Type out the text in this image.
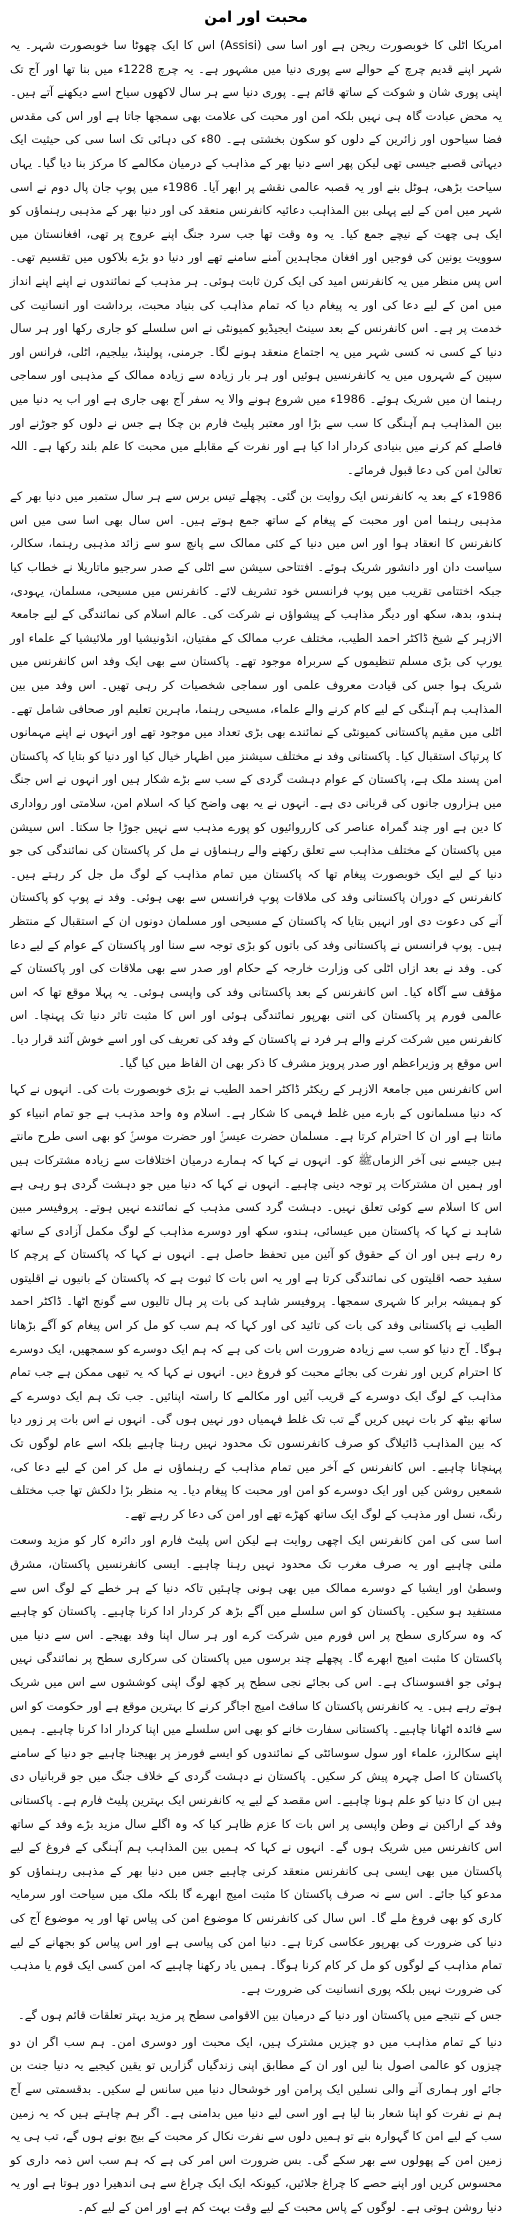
محبت اور امن

امریکا اٹلی کا خوبصورت ریجن ہے اور اسا سی (Assisi) اس کا ایک چھوٹا سا خوبصورت شہر۔ یہ شہر اپنے قدیم چرچ کے حوالے سے پوری دنیا میں مشہور ہے۔ یہ چرچ 1228ء میں بنا تھا اور آج تک اپنی پوری شان و شوکت کے ساتھ قائم ہے۔ پوری دنیا سے ہر سال لاکھوں سیاح اسے دیکھنے آتے ہیں۔ یہ محض عبادت گاہ ہی نہیں بلکہ امن اور محبت کی علامت بھی سمجھا جاتا ہے اور اس کی مقدس فضا سیاحوں اور زائرین کے دلوں کو سکون بخشتی ہے۔ 80ء کی دہائی تک اسا سی کی حیثیت ایک دیہاتی قصبے جیسی تھی لیکن پھر اسے دنیا بھر کے مذاہب کے درمیان مکالمے کا مرکز بنا دیا گیا۔ یہاں سیاحت بڑھی، ہوٹل بنے اور یہ قصبہ عالمی نقشے پر ابھر آیا۔ 1986ء میں پوپ جان پال دوم نے اسی شہر میں امن کے لیے پہلی بین المذاہب دعائیہ کانفرنس منعقد کی اور دنیا بھر کے مذہبی رہنماؤں کو ایک ہی چھت کے نیچے جمع کیا۔ یہ وہ وقت تھا جب سرد جنگ اپنے عروج پر تھی، افغانستان میں سوویت یونین کی فوجیں اور افغان مجاہدین آمنے سامنے تھے اور دنیا دو بڑے بلاکوں میں تقسیم تھی۔ اس پس منظر میں یہ کانفرنس امید کی ایک کرن ثابت ہوئی۔ ہر مذہب کے نمائندوں نے اپنے اپنے انداز میں امن کے لیے دعا کی اور یہ پیغام دیا کہ تمام مذاہب کی بنیاد محبت، برداشت اور انسانیت کی خدمت پر ہے۔ اس کانفرنس کے بعد سینٹ ایجیڈیو کمیونٹی نے اس سلسلے کو جاری رکھا اور ہر سال دنیا کے کسی نہ کسی شہر میں یہ اجتماع منعقد ہونے لگا۔ جرمنی، پولینڈ، بیلجیم، اٹلی، فرانس اور سپین کے شہروں میں یہ کانفرنسیں ہوئیں اور ہر بار زیادہ سے زیادہ ممالک کے مذہبی اور سماجی رہنما ان میں شریک ہوئے۔ 1986ء میں شروع ہونے والا یہ سفر آج بھی جاری ہے اور اب یہ دنیا میں بین المذاہب ہم آہنگی کا سب سے بڑا اور معتبر پلیٹ فارم بن چکا ہے جس نے دلوں کو جوڑنے اور فاصلے کم کرنے میں بنیادی کردار ادا کیا ہے اور نفرت کے مقابلے میں محبت کا علم بلند رکھا ہے۔ اللہ تعالیٰ امن کی دعا قبول فرمائے۔

1986ء کے بعد یہ کانفرنس ایک روایت بن گئی۔ پچھلے تیس برس سے ہر سال ستمبر میں دنیا بھر کے مذہبی رہنما امن اور محبت کے پیغام کے ساتھ جمع ہوتے ہیں۔ اس سال بھی اسا سی میں اس کانفرنس کا انعقاد ہوا اور اس میں دنیا کے کئی ممالک سے پانچ سو سے زائد مذہبی رہنما، سکالر، سیاست دان اور دانشور شریک ہوئے۔ افتتاحی سیشن سے اٹلی کے صدر سرجیو ماتاریلا نے خطاب کیا جبکہ اختتامی تقریب میں پوپ فرانسس خود تشریف لائے۔ کانفرنس میں مسیحی، مسلمان، یہودی، ہندو، بدھ، سکھ اور دیگر مذاہب کے پیشواؤں نے شرکت کی۔ عالم اسلام کی نمائندگی کے لیے جامعۃ الازہر کے شیخ ڈاکٹر احمد الطیب، مختلف عرب ممالک کے مفتیان، انڈونیشیا اور ملائیشیا کے علماء اور یورپ کی بڑی مسلم تنظیموں کے سربراہ موجود تھے۔ پاکستان سے بھی ایک وفد اس کانفرنس میں شریک ہوا جس کی قیادت معروف علمی اور سماجی شخصیات کر رہی تھیں۔ اس وفد میں بین المذاہب ہم آہنگی کے لیے کام کرنے والے علماء، مسیحی رہنما، ماہرین تعلیم اور صحافی شامل تھے۔ اٹلی میں مقیم پاکستانی کمیونٹی کے نمائندے بھی بڑی تعداد میں موجود تھے اور انہوں نے اپنے مہمانوں کا پرتپاک استقبال کیا۔ پاکستانی وفد نے مختلف سیشنز میں اظہار خیال کیا اور دنیا کو بتایا کہ پاکستان امن پسند ملک ہے، پاکستان کے عوام دہشت گردی کے سب سے بڑے شکار ہیں اور انہوں نے اس جنگ میں ہزاروں جانوں کی قربانی دی ہے۔ انہوں نے یہ بھی واضح کیا کہ اسلام امن، سلامتی اور رواداری کا دین ہے اور چند گمراہ عناصر کی کارروائیوں کو پورے مذہب سے نہیں جوڑا جا سکتا۔ اس سیشن میں پاکستان کے مختلف مذاہب سے تعلق رکھنے والے رہنماؤں نے مل کر پاکستان کی نمائندگی کی جو دنیا کے لیے ایک خوبصورت پیغام تھا کہ پاکستان میں تمام مذاہب کے لوگ مل جل کر رہتے ہیں۔ کانفرنس کے دوران پاکستانی وفد کی ملاقات پوپ فرانسس سے بھی ہوئی۔ وفد نے پوپ کو پاکستان آنے کی دعوت دی اور انہیں بتایا کہ پاکستان کے مسیحی اور مسلمان دونوں ان کے استقبال کے منتظر ہیں۔ پوپ فرانسس نے پاکستانی وفد کی باتوں کو بڑی توجہ سے سنا اور پاکستان کے عوام کے لیے دعا کی۔ وفد نے بعد ازاں اٹلی کی وزارت خارجہ کے حکام اور صدر سے بھی ملاقات کی اور پاکستان کے مؤقف سے آگاہ کیا۔ اس کانفرنس کے بعد پاکستانی وفد کی واپسی ہوئی۔ یہ پہلا موقع تھا کہ اس عالمی فورم پر پاکستان کی اتنی بھرپور نمائندگی ہوئی اور اس کا مثبت تاثر دنیا تک پہنچا۔ اس کانفرنس میں شرکت کرنے والے ہر فرد نے پاکستان کے وفد کی تعریف کی اور اسے خوش آئند قرار دیا۔ اس موقع پر وزیراعظم اور صدر پرویز مشرف کا ذکر بھی ان الفاظ میں کیا گیا۔

اس کانفرنس میں جامعۃ الازہر کے ریکٹر ڈاکٹر احمد الطیب نے بڑی خوبصورت بات کی۔ انہوں نے کہا کہ دنیا مسلمانوں کے بارے میں غلط فہمی کا شکار ہے۔ اسلام وہ واحد مذہب ہے جو تمام انبیاء کو مانتا ہے اور ان کا احترام کرتا ہے۔ مسلمان حضرت عیسیٰؑ اور حضرت موسیٰؑ کو بھی اسی طرح مانتے ہیں جیسے نبی آخر الزماںﷺ کو۔ انہوں نے کہا کہ ہمارے درمیان اختلافات سے زیادہ مشترکات ہیں اور ہمیں ان مشترکات پر توجہ دینی چاہیے۔ انہوں نے کہا کہ دنیا میں جو دہشت گردی ہو رہی ہے اس کا اسلام سے کوئی تعلق نہیں۔ دہشت گرد کسی مذہب کے نمائندے نہیں ہوتے۔ پروفیسر مبین شاہد نے کہا کہ پاکستان میں عیسائی، ہندو، سکھ اور دوسرے مذاہب کے لوگ مکمل آزادی کے ساتھ رہ رہے ہیں اور ان کے حقوق کو آئین میں تحفظ حاصل ہے۔ انہوں نے کہا کہ پاکستان کے پرچم کا سفید حصہ اقلیتوں کی نمائندگی کرتا ہے اور یہ اس بات کا ثبوت ہے کہ پاکستان کے بانیوں نے اقلیتوں کو ہمیشہ برابر کا شہری سمجھا۔ پروفیسر شاہد کی بات پر ہال تالیوں سے گونج اٹھا۔ ڈاکٹر احمد الطیب نے پاکستانی وفد کی بات کی تائید کی اور کہا کہ ہم سب کو مل کر اس پیغام کو آگے بڑھانا ہوگا۔ آج دنیا کو سب سے زیادہ ضرورت اس بات کی ہے کہ ہم ایک دوسرے کو سمجھیں، ایک دوسرے کا احترام کریں اور نفرت کی بجائے محبت کو فروغ دیں۔ انہوں نے کہا کہ یہ تبھی ممکن ہے جب تمام مذاہب کے لوگ ایک دوسرے کے قریب آئیں اور مکالمے کا راستہ اپنائیں۔ جب تک ہم ایک دوسرے کے ساتھ بیٹھ کر بات نہیں کریں گے تب تک غلط فہمیاں دور نہیں ہوں گی۔ انہوں نے اس بات پر زور دیا کہ بین المذاہب ڈائیلاگ کو صرف کانفرنسوں تک محدود نہیں رہنا چاہیے بلکہ اسے عام لوگوں تک پہنچانا چاہیے۔ اس کانفرنس کے آخر میں تمام مذاہب کے رہنماؤں نے مل کر امن کے لیے دعا کی، شمعیں روشن کیں اور ایک دوسرے کو امن اور محبت کا پیغام دیا۔ یہ منظر بڑا دلکش تھا جب مختلف رنگ، نسل اور مذہب کے لوگ ایک ساتھ کھڑے تھے اور امن کی دعا کر رہے تھے۔

اسا سی کی امن کانفرنس ایک اچھی روایت ہے لیکن اس پلیٹ فارم اور دائرہ کار کو مزید وسعت ملنی چاہیے اور یہ صرف مغرب تک محدود نہیں رہنا چاہیے۔ ایسی کانفرنسیں پاکستان، مشرق وسطیٰ اور ایشیا کے دوسرے ممالک میں بھی ہونی چاہئیں تاکہ دنیا کے ہر خطے کے لوگ اس سے مستفید ہو سکیں۔ پاکستان کو اس سلسلے میں آگے بڑھ کر کردار ادا کرنا چاہیے۔ پاکستان کو چاہیے کہ وہ سرکاری سطح پر اس فورم میں شرکت کرے اور ہر سال اپنا وفد بھیجے۔ اس سے دنیا میں پاکستان کا مثبت امیج ابھرے گا۔ پچھلے چند برسوں میں پاکستان کی سرکاری سطح پر نمائندگی نہیں ہوئی جو افسوسناک ہے۔ اس کی بجائے نجی سطح پر کچھ لوگ اپنی کوششوں سے اس میں شریک ہوتے رہے ہیں۔ یہ کانفرنس پاکستان کا سافٹ امیج اجاگر کرنے کا بہترین موقع ہے اور حکومت کو اس سے فائدہ اٹھانا چاہیے۔ پاکستانی سفارت خانے کو بھی اس سلسلے میں اپنا کردار ادا کرنا چاہیے۔ ہمیں اپنے سکالرز، علماء اور سول سوسائٹی کے نمائندوں کو ایسے فورمز پر بھیجنا چاہیے جو دنیا کے سامنے پاکستان کا اصل چہرہ پیش کر سکیں۔ پاکستان نے دہشت گردی کے خلاف جنگ میں جو قربانیاں دی ہیں ان کا دنیا کو علم ہونا چاہیے۔ اس مقصد کے لیے یہ کانفرنس ایک بہترین پلیٹ فارم ہے۔ پاکستانی وفد کے اراکین نے وطن واپسی پر اس بات کا عزم ظاہر کیا کہ وہ اگلے سال مزید بڑے وفد کے ساتھ اس کانفرنس میں شریک ہوں گے۔ انہوں نے کہا کہ ہمیں بین المذاہب ہم آہنگی کے فروغ کے لیے پاکستان میں بھی ایسی ہی کانفرنس منعقد کرنی چاہیے جس میں دنیا بھر کے مذہبی رہنماؤں کو مدعو کیا جائے۔ اس سے نہ صرف پاکستان کا مثبت امیج ابھرے گا بلکہ ملک میں سیاحت اور سرمایہ کاری کو بھی فروغ ملے گا۔ اس سال کی کانفرنس کا موضوع امن کی پیاس تھا اور یہ موضوع آج کی دنیا کی ضرورت کی بھرپور عکاسی کرتا ہے۔ دنیا امن کی پیاسی ہے اور اس پیاس کو بجھانے کے لیے تمام مذاہب کے لوگوں کو مل کر کام کرنا ہوگا۔ ہمیں یاد رکھنا چاہیے کہ امن کسی ایک قوم یا مذہب کی ضرورت نہیں بلکہ پوری انسانیت کی ضرورت ہے۔

جس کے نتیجے میں پاکستان اور دنیا کے درمیان بین الاقوامی سطح پر مزید بہتر تعلقات قائم ہوں گے۔

دنیا کے تمام مذاہب میں دو چیزیں مشترک ہیں، ایک محبت اور دوسری امن۔ ہم سب اگر ان دو چیزوں کو عالمی اصول بنا لیں اور ان کے مطابق اپنی زندگیاں گزاریں تو یقین کیجیے یہ دنیا جنت بن جائے اور ہماری آنے والی نسلیں ایک پرامن اور خوشحال دنیا میں سانس لے سکیں۔ بدقسمتی سے آج ہم نے نفرت کو اپنا شعار بنا لیا ہے اور اسی لیے دنیا میں بدامنی ہے۔ اگر ہم چاہتے ہیں کہ یہ زمین سب کے لیے امن کا گہوارہ بنے تو ہمیں دلوں سے نفرت نکال کر محبت کے بیج بونے ہوں گے، تب ہی یہ زمین امن کے پھولوں سے بھر سکے گی۔ بس ضرورت اس امر کی ہے کہ ہم سب اس ذمہ داری کو محسوس کریں اور اپنے حصے کا چراغ جلائیں، کیونکہ ایک ایک چراغ سے ہی اندھیرا دور ہوتا ہے اور یہ دنیا روشن ہوتی ہے۔ لوگوں کے پاس محبت کے لیے وقت بہت کم ہے اور امن کے لیے کم۔
